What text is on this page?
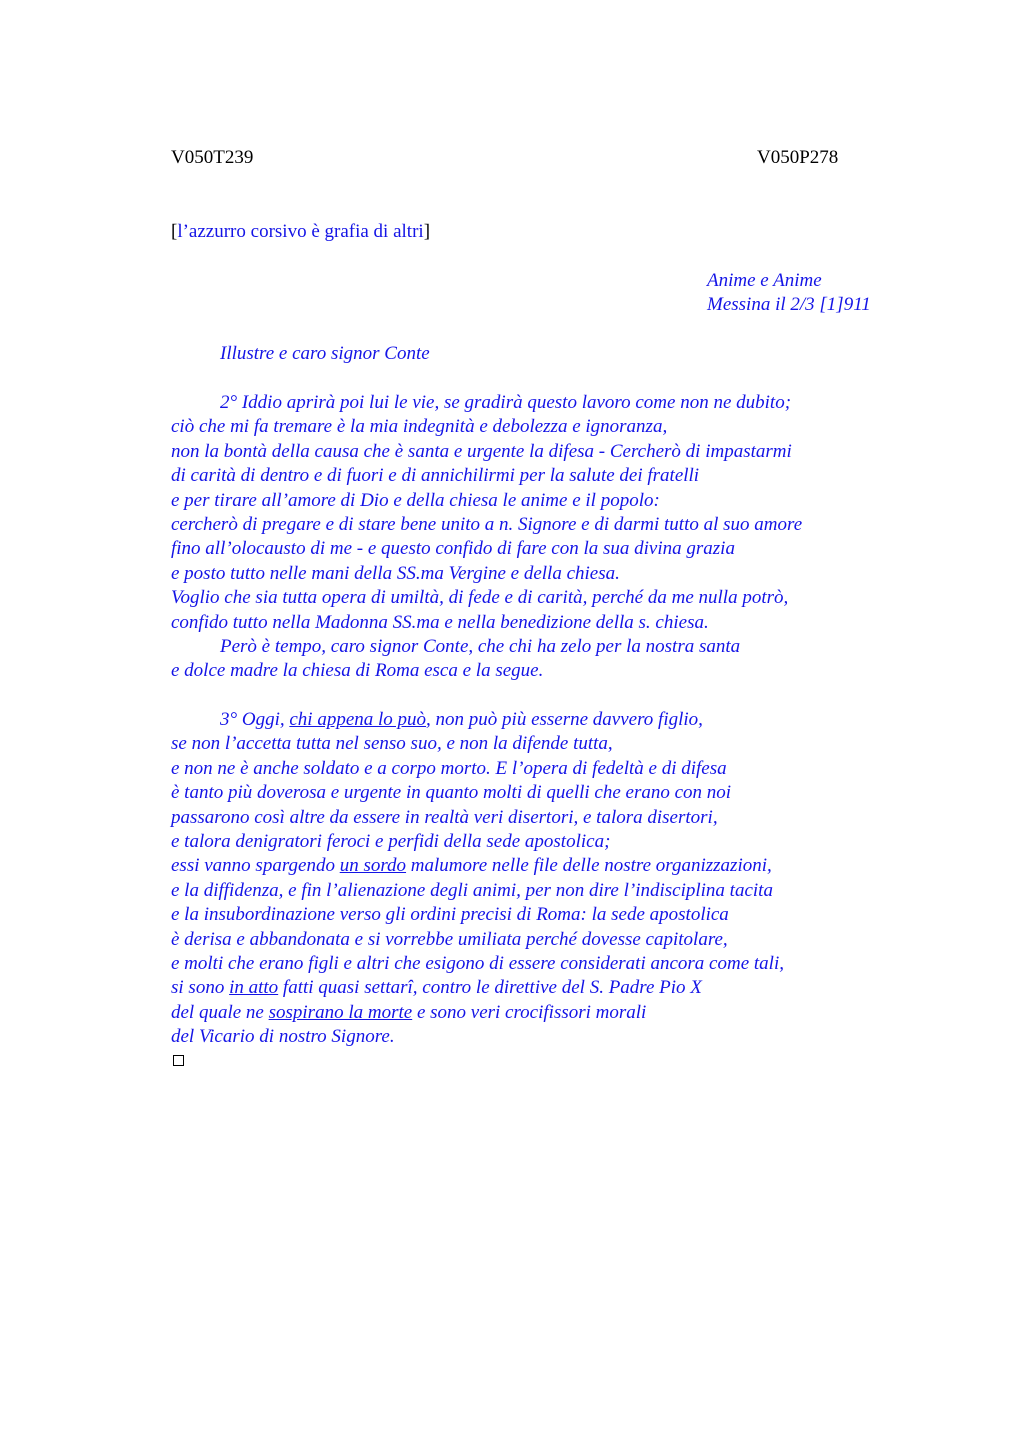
V050T239	V050P278
[l’azzurro corsivo è grafia di altri]
Anime e Anime
Messina il 2/3 [1]911
Illustre e caro signor Conte
2° Iddio aprirà poi lui le vie, se gradirà questo lavoro come non ne dubito;
ciò che mi fa tremare è la mia indegnità e debolezza e ignoranza,
non la bontà della causa che è santa e urgente la difesa - Cercherò di impastarmi
di carità di dentro e di fuori e di annichilirmi per la salute dei fratelli
e per tirare all’amore di Dio e della chiesa le anime e il popolo:
cercherò di pregare e di stare bene unito a n. Signore e di darmi tutto al suo amore
fino all’olocausto di me - e questo confido di fare con la sua divina grazia
e posto tutto nelle mani della SS.ma Vergine e della chiesa.
Voglio che sia tutta opera di umiltà, di fede e di carità, perché da me nulla potrò,
confido tutto nella Madonna SS.ma e nella benedizione della s. chiesa.
Però è tempo, caro signor Conte, che chi ha zelo per la nostra santa
e dolce madre la chiesa di Roma esca e la segue.
3° Oggi, chi appena lo può, non può più esserne davvero figlio,
se non l’accetta tutta nel senso suo, e non la difende tutta,
e non ne è anche soldato e a corpo morto. E l’opera di fedeltà e di difesa
è tanto più doverosa e urgente in quanto molti di quelli che erano con noi
passarono così altre da essere in realtà veri disertori, e talora disertori,
e talora denigratori feroci e perfidi della sede apostolica;
essi vanno spargendo un sordo malumore nelle file delle nostre organizzazioni,
e la diffidenza, e fin l’alienazione degli animi, per non dire l’indisciplina tacita
e la insubordinazione verso gli ordini precisi di Roma: la sede apostolica
è derisa e abbandonata e si vorrebbe umiliata perché dovesse capitolare,
e molti che erano figli e altri che esigono di essere considerati ancora come tali,
si sono in atto fatti quasi settarî, contro le direttive del S. Padre Pio X
del quale ne sospirano la morte e sono veri crocifissori morali
del Vicario di nostro Signore.
